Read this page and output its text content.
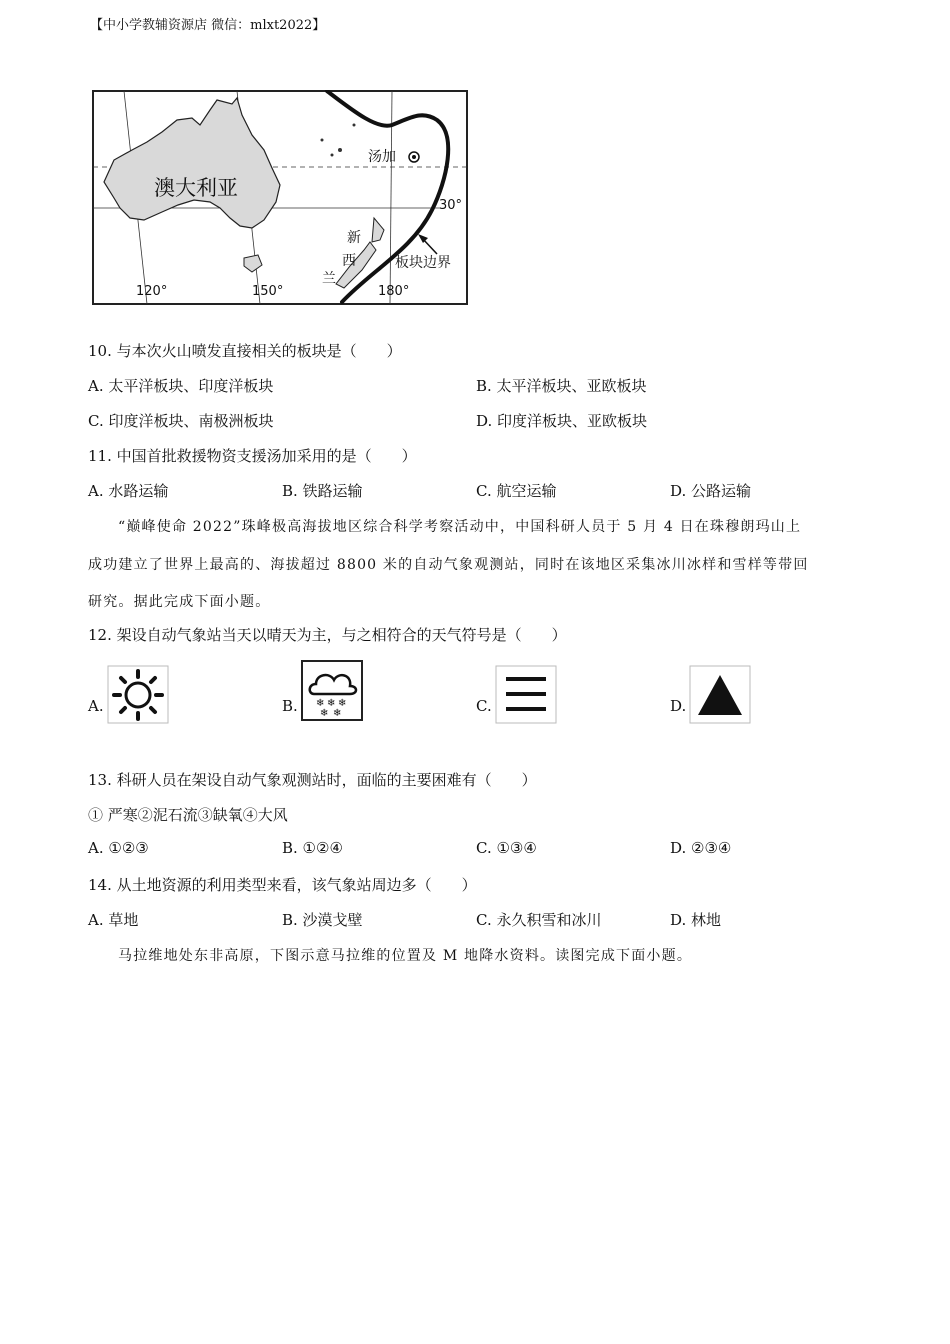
【中小学教辅资源店 微信：mlxt2022】
澳大利亚
汤加
新
西
兰
板块边界
30°
120°	150°	180°
10. 与本次火山喷发直接相关的板块是（　　）
A. 太平洋板块、印度洋板块	B. 太平洋板块、亚欧板块
C. 印度洋板块、南极洲板块	D. 印度洋板块、亚欧板块
11. 中国首批救援物资支援汤加采用的是（　　）
A. 水路运输	B. 铁路运输	C. 航空运输	D. 公路运输
“巅峰使命 2022”珠峰极高海拔地区综合科学考察活动中，中国科研人员于 5 月 4 日在珠穆朗玛山上
成功建立了世界上最高的、海拔超过 8800 米的自动气象观测站，同时在该地区采集冰川冰样和雪样等带回
研究。据此完成下面小题。
12. 架设自动气象站当天以晴天为主，与之相符合的天气符号是（　　）
A.	B. ❄ ❄ ❄
❄ ❄	C.	D.
13. 科研人员在架设自动气象观测站时，面临的主要困难有（　　）
① 严寒②泥石流③缺氧④大风
A. ①②③	B. ①②④	C. ①③④	D. ②③④
14. 从土地资源的利用类型来看，该气象站周边多（　　）
A. 草地	B. 沙漠戈壁	C. 永久积雪和冰川	D. 林地
马拉维地处东非高原，下图示意马拉维的位置及 M 地降水资料。读图完成下面小题。
